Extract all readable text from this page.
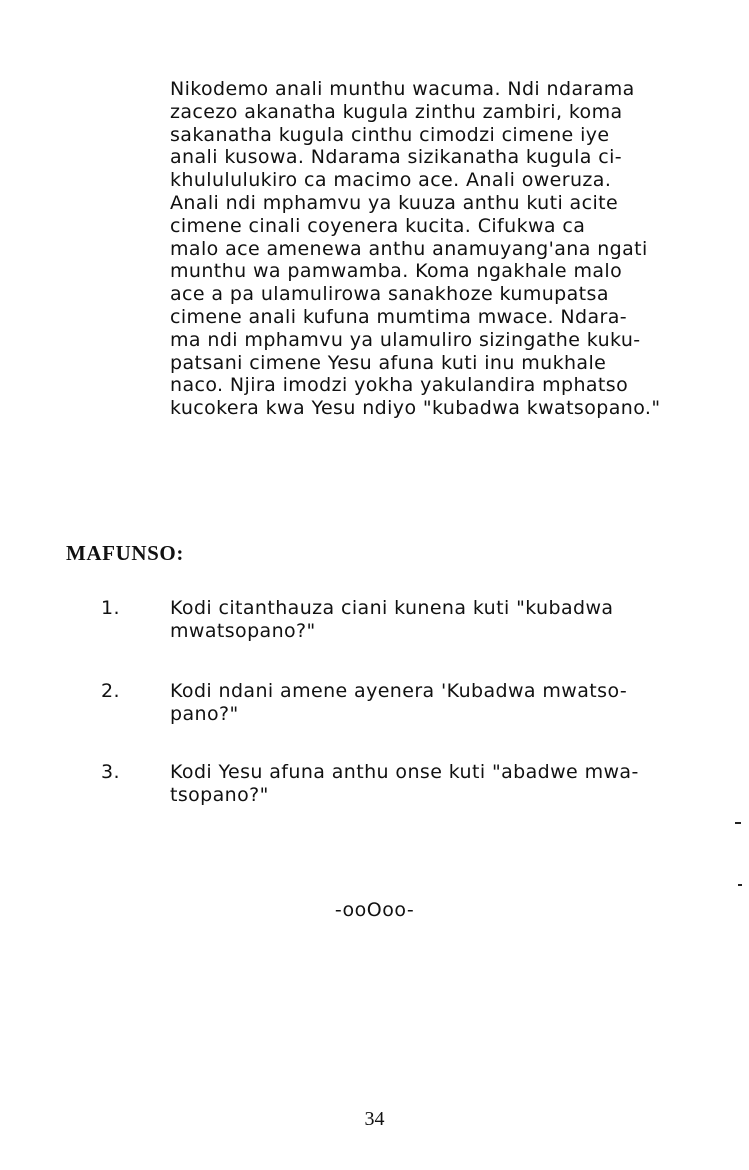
Nikodemo anali munthu wacuma. Ndi ndarama
zacezo akanatha kugula zinthu zambiri, koma
sakanatha kugula cinthu cimodzi cimene iye
anali kusowa. Ndarama sizikanatha kugula ci-
khulululukiro ca macimo ace. Anali oweruza.
Anali ndi mphamvu ya kuuza anthu kuti acite
cimene cinali coyenera kucita. Cifukwa ca
malo ace amenewa anthu anamuyang'ana ngati
munthu wa pamwamba. Koma ngakhale malo
ace a pa ulamulirowa sanakhoze kumupatsa
cimene anali kufuna mumtima mwace. Ndara-
ma ndi mphamvu ya ulamuliro sizingathe kuku-
patsani cimene Yesu afuna kuti inu mukhale
naco. Njira imodzi yokha yakulandira mphatso
kucokera kwa Yesu ndiyo "kubadwa kwatsopano."
MAFUNSO:
1.	Kodi citanthauza ciani kunena kuti "kubadwa
mwatsopano?"
2.	Kodi ndani amene ayenera 'Kubadwa mwatso-
pano?"
3.	Kodi Yesu afuna anthu onse kuti "abadwe mwa-
tsopano?"
-ooOoo-
34
